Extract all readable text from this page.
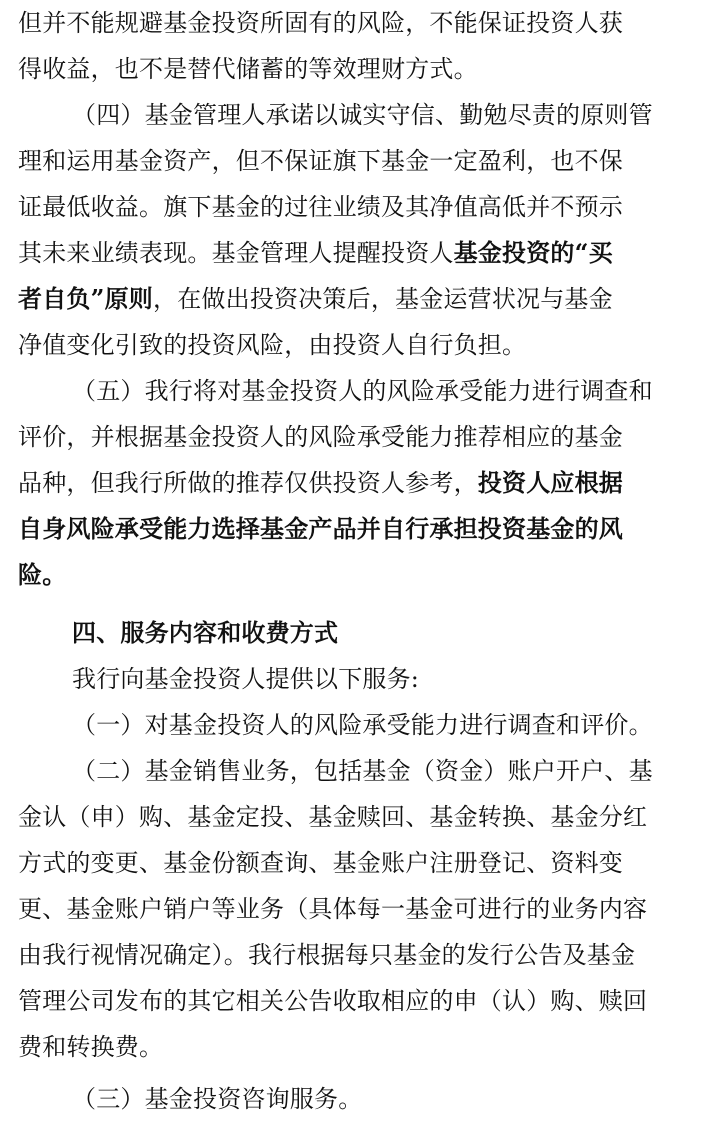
但并不能规避基金投资所固有的风险，不能保证投资人获
得收益，也不是替代储蓄的等效理财方式。
（四）基金管理人承诺以诚实守信、勤勉尽责的原则管
理和运用基金资产，但不保证旗下基金一定盈利，也不保
证最低收益。旗下基金的过往业绩及其净值高低并不预示
其未来业绩表现。基金管理人提醒投资人基金投资的“买
者自负”原则，在做出投资决策后，基金运营状况与基金
净值变化引致的投资风险，由投资人自行负担。
（五）我行将对基金投资人的风险承受能力进行调查和
评价，并根据基金投资人的风险承受能力推荐相应的基金
品种，但我行所做的推荐仅供投资人参考，投资人应根据
自身风险承受能力选择基金产品并自行承担投资基金的风
险。
四、服务内容和收费方式
我行向基金投资人提供以下服务:
（一）对基金投资人的风险承受能力进行调查和评价。
（二）基金销售业务，包括基金（资金）账户开户、基
金认（申）购、基金定投、基金赎回、基金转换、基金分红
方式的变更、基金份额查询、基金账户注册登记、资料变
更、基金账户销户等业务（具体每一基金可进行的业务内容
由我行视情况确定）。我行根据每只基金的发行公告及基金
管理公司发布的其它相关公告收取相应的申（认）购、赎回
费和转换费。
（三）基金投资咨询服务。
